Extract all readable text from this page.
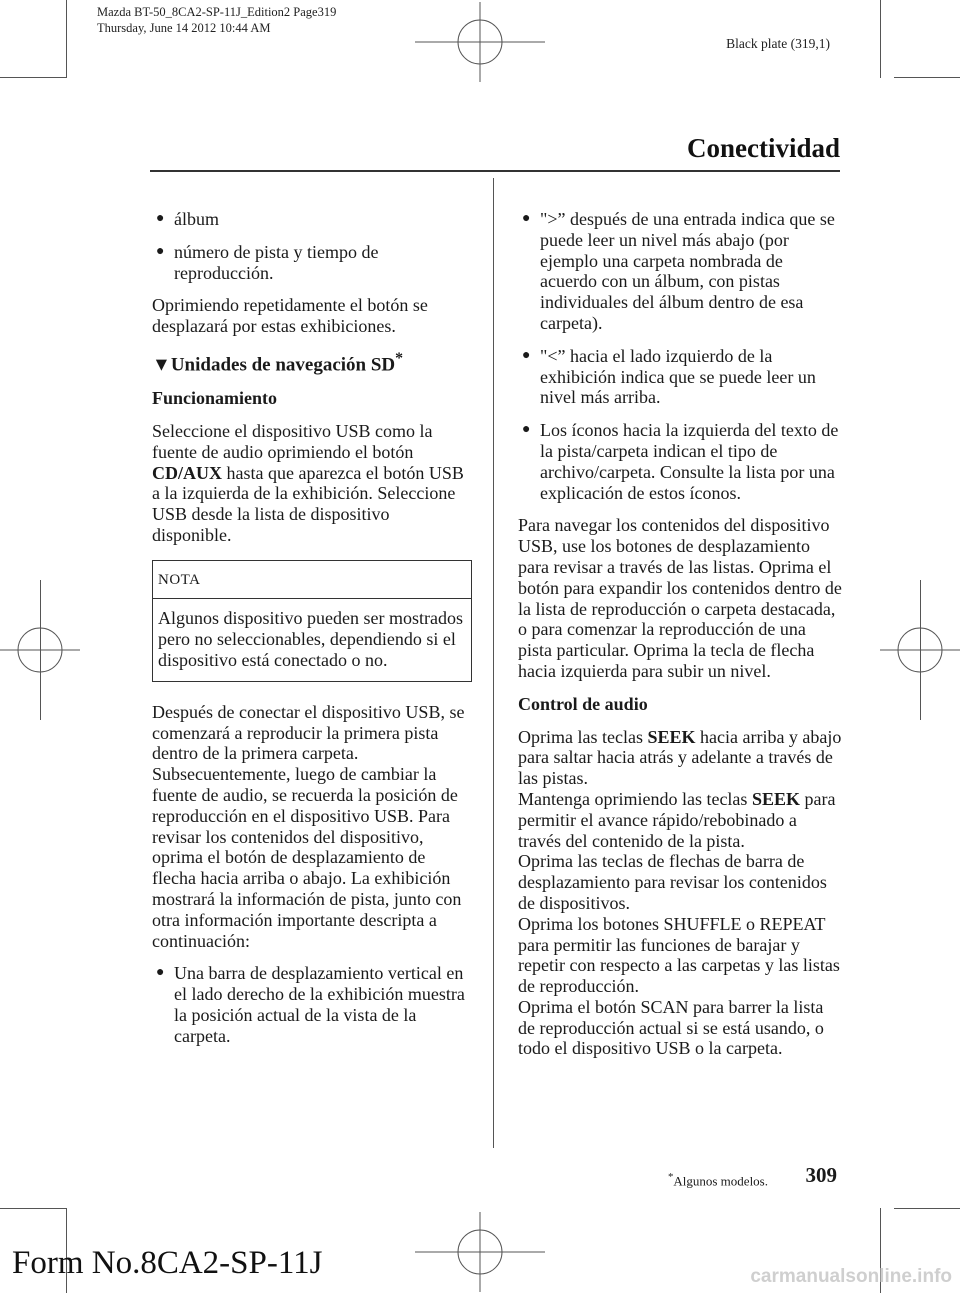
Mazda BT-50_8CA2-SP-11J_Edition2 Page319
Thursday, June 14 2012 10:44 AM
Black plate (319,1)
Conectividad
● álbum
● número de pista y tiempo de reproducción.

Oprimiendo repetidamente el botón se desplazará por estas exhibiciones.

▼Unidades de navegación SD*
Funcionamiento

Seleccione el dispositivo USB como la fuente de audio oprimiendo el botón CD/AUX hasta que aparezca el botón USB a la izquierda de la exhibición. Seleccione USB desde la lista de dispositivo disponible.

NOTA
Algunos dispositivo pueden ser mostrados pero no seleccionables, dependiendo si el dispositivo está conectado o no.

Después de conectar el dispositivo USB, se comenzará a reproducir la primera pista dentro de la primera carpeta. Subsecuentemente, luego de cambiar la fuente de audio, se recuerda la posición de reproducción en el dispositivo USB. Para revisar los contenidos del dispositivo, oprima el botón de desplazamiento de flecha hacia arriba o abajo. La exhibición mostrará la información de pista, junto con otra información importante descripta a continuación:

● Una barra de desplazamiento vertical en el lado derecho de la exhibición muestra la posición actual de la vista de la carpeta.
● ">” después de una entrada indica que se puede leer un nivel más abajo (por ejemplo una carpeta nombrada de acuerdo con un álbum, con pistas individuales del álbum dentro de esa carpeta).
● "<” hacia el lado izquierdo de la exhibición indica que se puede leer un nivel más arriba.
● Los íconos hacia la izquierda del texto de la pista/carpeta indican el tipo de archivo/carpeta. Consulte la lista por una explicación de estos íconos.

Para navegar los contenidos del dispositivo USB, use los botones de desplazamiento para revisar a través de las listas. Oprima el botón para expandir los contenidos dentro de la lista de reproducción o carpeta destacada, o para comenzar la reproducción de una pista particular. Oprima la tecla de flecha hacia izquierda para subir un nivel.

Control de audio

Oprima las teclas SEEK hacia arriba y abajo para saltar hacia atrás y adelante a través de las pistas.

Mantenga oprimiendo las teclas SEEK para permitir el avance rápido/rebobinado a través del contenido de la pista.

Oprima las teclas de flechas de barra de desplazamiento para revisar los contenidos de dispositivos.

Oprima los botones SHUFFLE o REPEAT para permitir las funciones de barajar y repetir con respecto a las carpetas y las listas de reproducción.

Oprima el botón SCAN para barrer la lista de reproducción actual si se está usando, o todo el dispositivo USB o la carpeta.

*Algunos modelos. 309
Form No.8CA2-SP-11J	carmanualsonline.info
